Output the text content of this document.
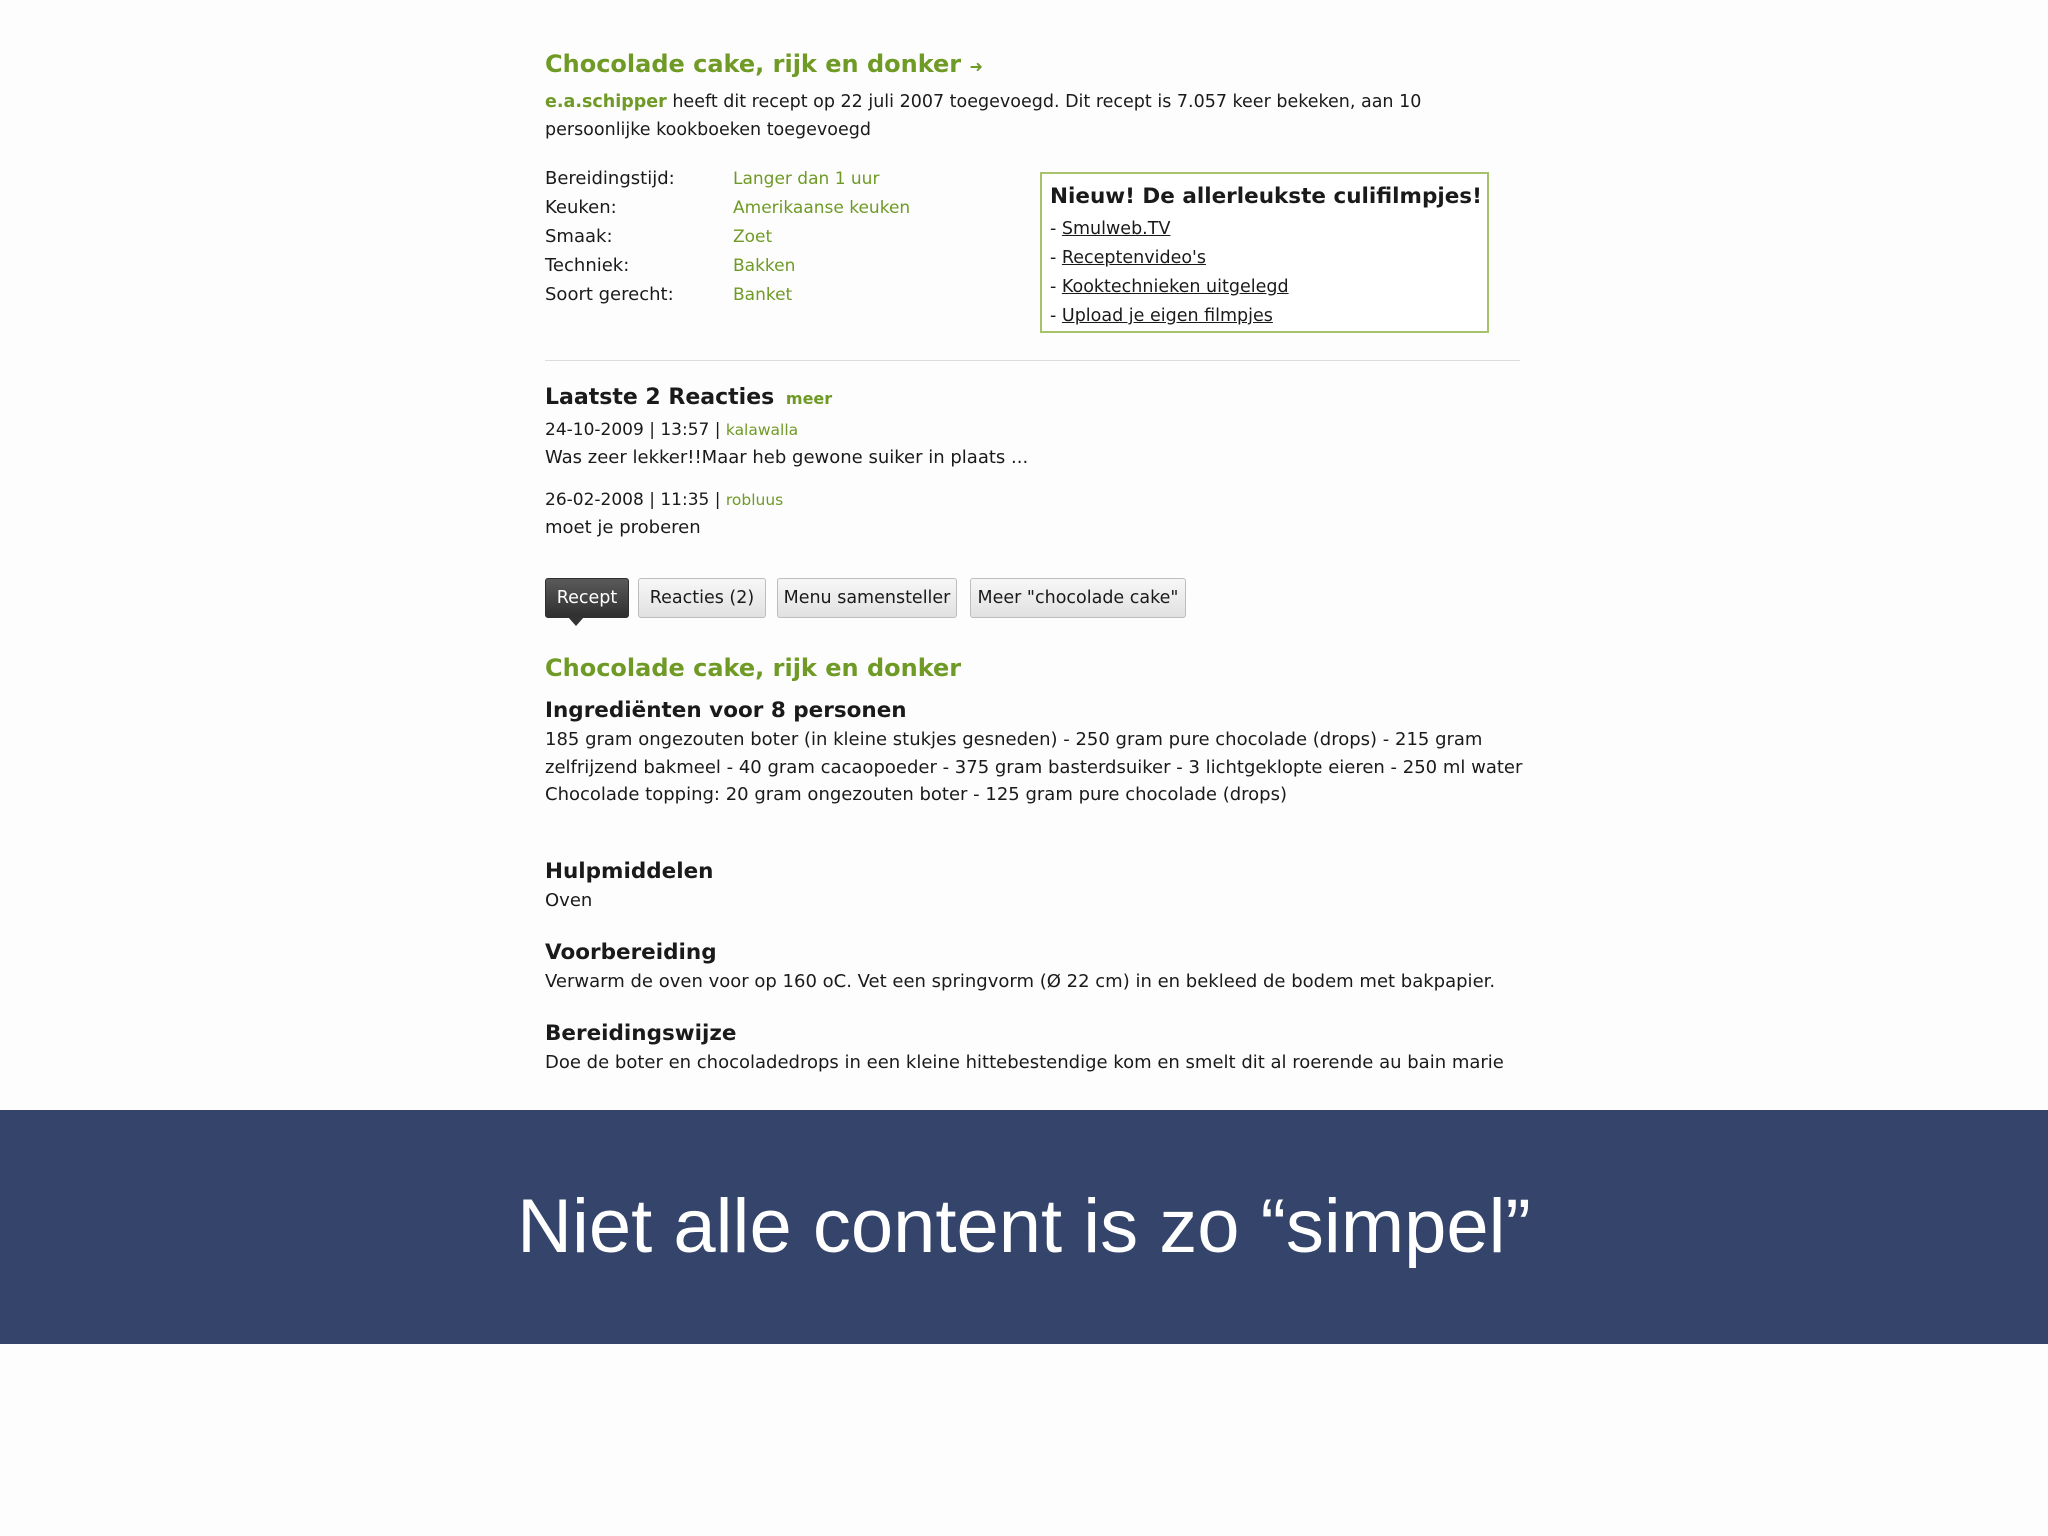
Chocolade cake, rijk en donker ➜
e.a.schipper heeft dit recept op 22 juli 2007 toegevoegd. Dit recept is 7.057 keer bekeken, aan 10 persoonlijke kookboeken toegevoegd
Bereidingstijd:	Langer dan 1 uur
Keuken:	Amerikaanse keuken
Smaak:	Zoet
Techniek:	Bakken
Soort gerecht:	Banket
Nieuw! De allerleukste culifilmpjes!
- Smulweb.TV
- Receptenvideo's
- Kooktechnieken uitgelegd
- Upload je eigen filmpjes
Laatste 2 Reacties meer
24-10-2009 | 13:57 | kalawalla
Was zeer lekker!!Maar heb gewone suiker in plaats ...
26-02-2008 | 11:35 | robluus
moet je proberen
Recept	Reacties (2)	Menu samensteller	Meer "chocolade cake"
Chocolade cake, rijk en donker
Ingrediënten voor 8 personen

185 gram ongezouten boter (in kleine stukjes gesneden) - 250 gram pure chocolade (drops) - 215 gram zelfrijzend bakmeel - 40 gram cacaopoeder - 375 gram basterdsuiker - 3 lichtgeklopte eieren - 250 ml water

Chocolade topping: 20 gram ongezouten boter - 125 gram pure chocolade (drops)

Hulpmiddelen

Oven

Voorbereiding

Verwarm de oven voor op 160 oC. Vet een springvorm (Ø 22 cm) in en bekleed de bodem met bakpapier.

Bereidingswijze

Doe de boter en chocoladedrops in een kleine hittebestendige kom en smelt dit al roerende au bain marie

Niet alle content is zo “simpel”
